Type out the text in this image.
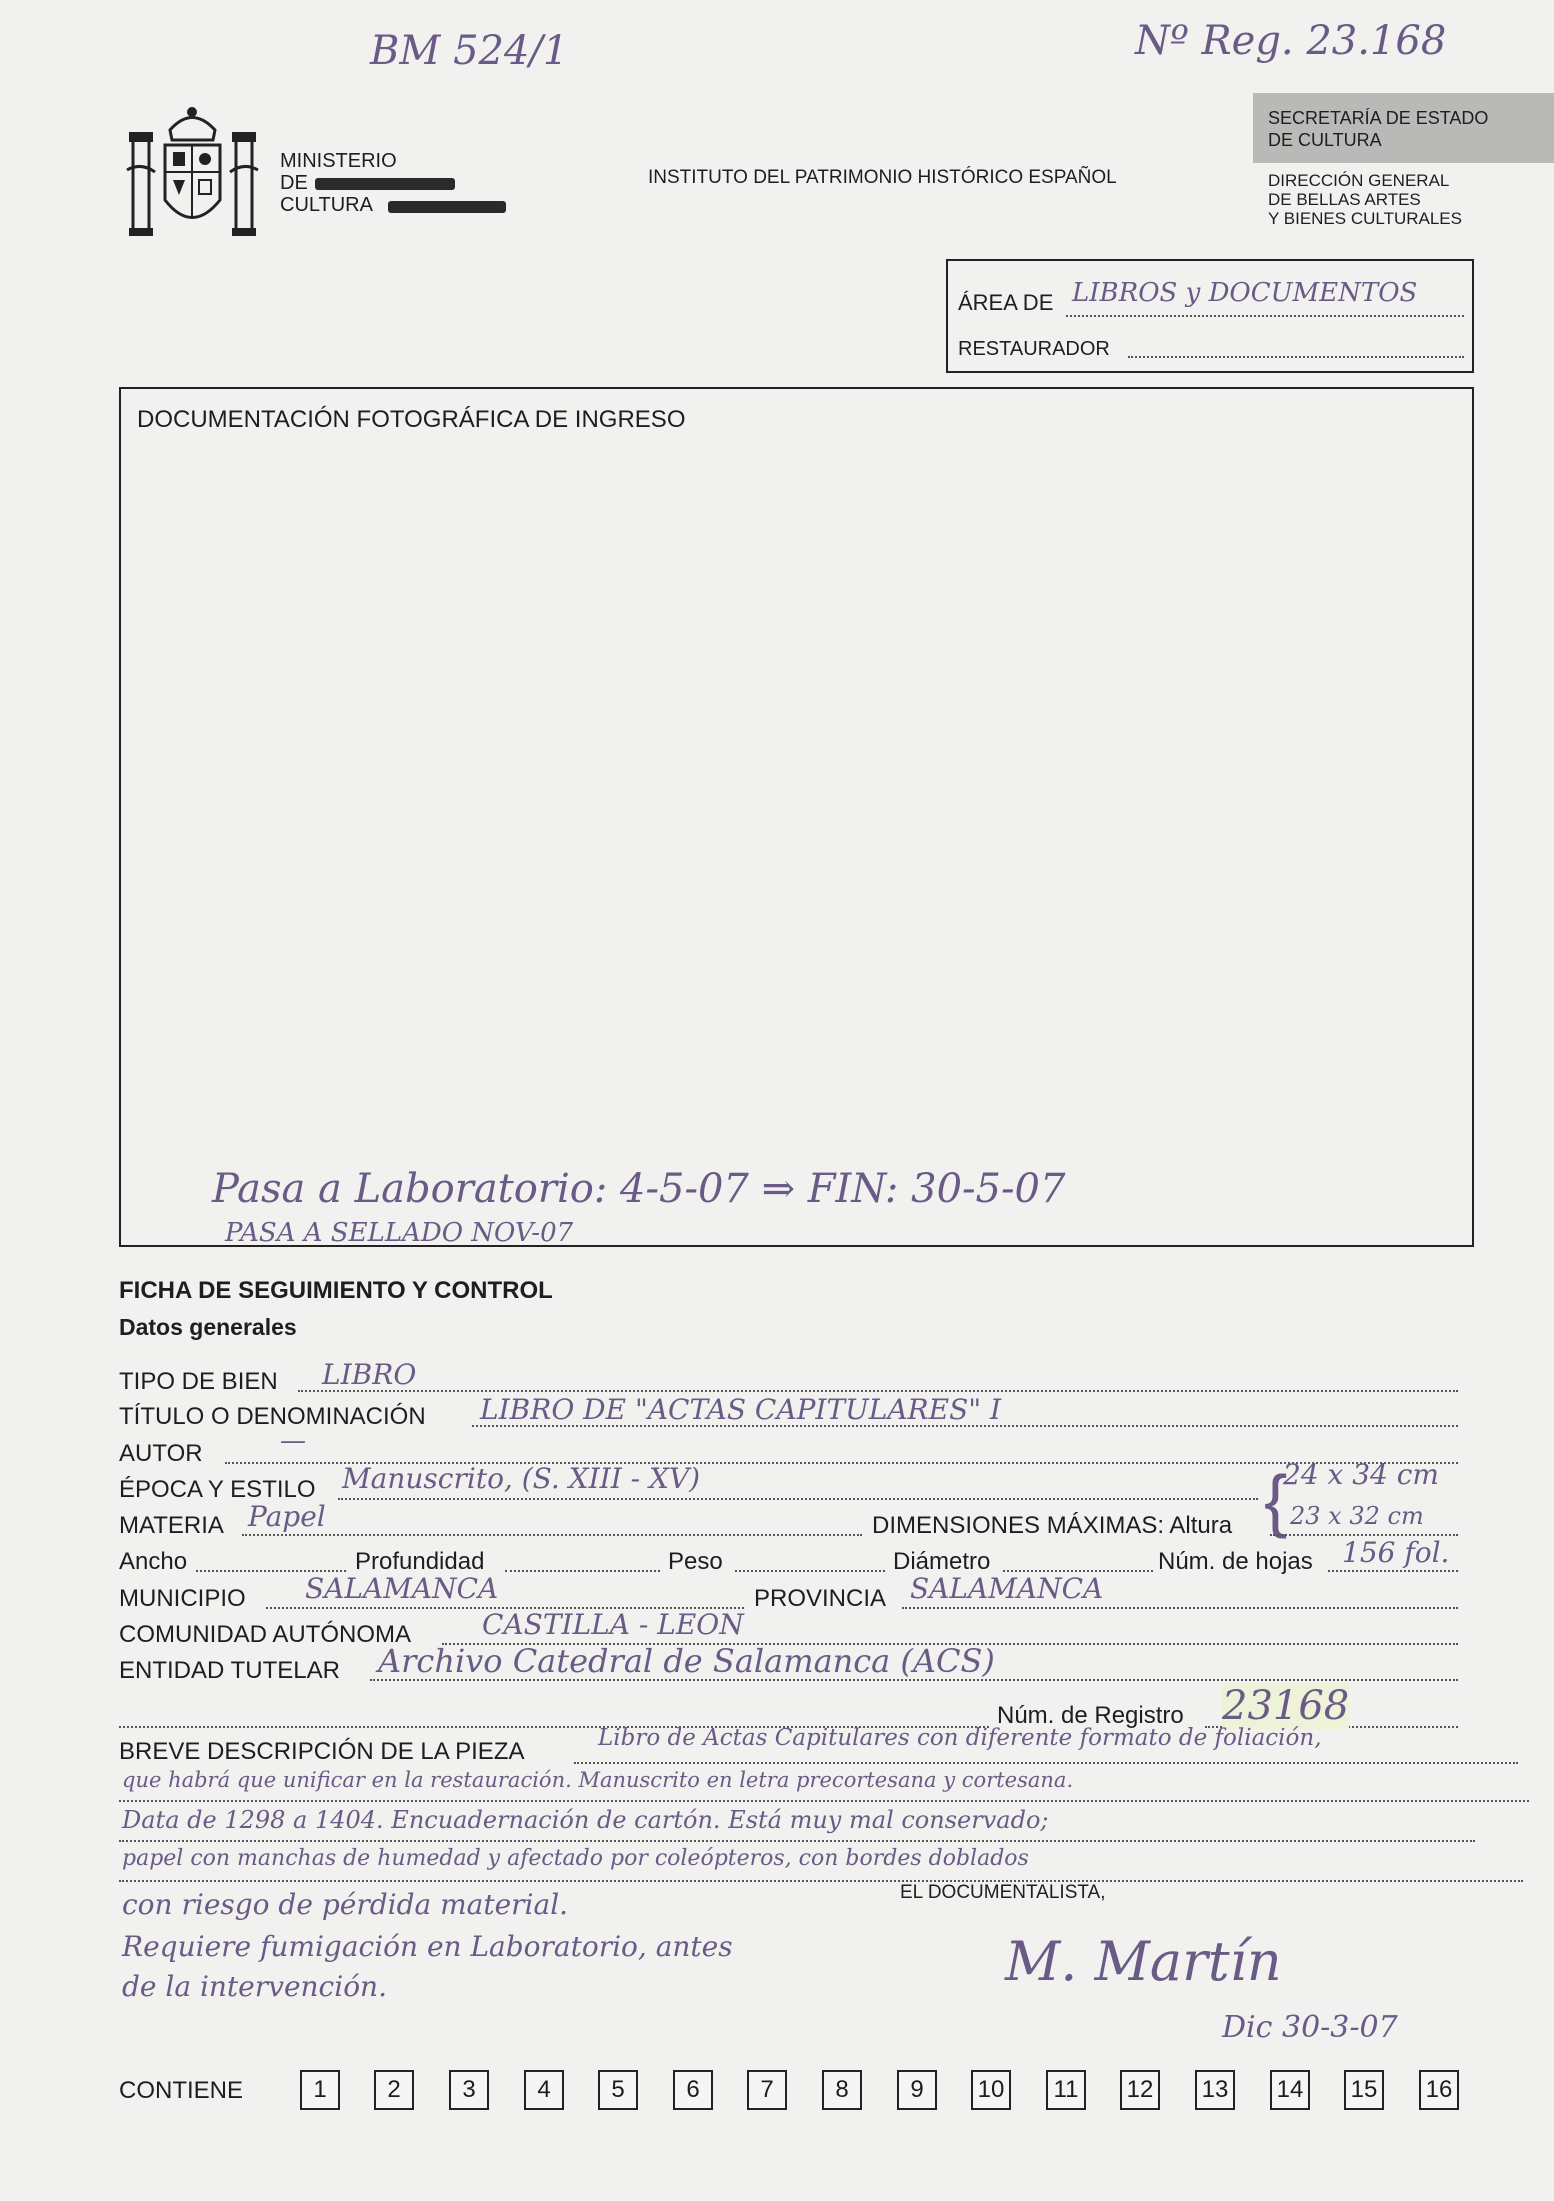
BM 524/1	Nº Reg. 23.168
MINISTERIO
DE
CULTURA
INSTITUTO DEL PATRIMONIO HISTÓRICO ESPAÑOL
SECRETARÍA DE ESTADO
DE CULTURA
DIRECCIÓN GENERAL
DE BELLAS ARTES
Y BIENES CULTURALES
ÁREA DE LIBROS y DOCUMENTOS
RESTAURADOR
DOCUMENTACIÓN FOTOGRÁFICA DE INGRESO
Pasa a Laboratorio: 4-5-07 ⇒ FIN: 30-5-07
PASA A SELLADO NOV-07
FICHA DE SEGUIMIENTO Y CONTROL
Datos generales
TIPO DE BIEN LIBRO
TÍTULO O DENOMINACIÓN LIBRO DE "ACTAS CAPITULARES" I
AUTOR	—
ÉPOCA Y ESTILO Manuscrito, (S. XIII - XV)	24 x 34 cm
MATERIA Papel	DIMENSIONES MÁXIMAS: Altura { 23 x 32 cm
Ancho	Profundidad	Peso	Diámetro	Núm. de hojas 156 fol.
MUNICIPIO SALAMANCA	PROVINCIA SALAMANCA
COMUNIDAD AUTÓNOMA	CASTILLA - LEON
ENTIDAD TUTELAR Archivo Catedral de Salamanca (ACS)
Núm. de Registro 23168
BREVE DESCRIPCIÓN DE LA PIEZA	Libro de Actas Capitulares con diferente formato de foliación,
que habrá que unificar en la restauración. Manuscrito en letra precortesana y cortesana.
Data de 1298 a 1404. Encuadernación de cartón. Está muy mal conservado;
papel con manchas de humedad y afectado por coleópteros, con bordes doblados
con riesgo de pérdida material.
Requiere fumigación en Laboratorio, antes
de la intervención.
EL DOCUMENTALISTA,
M. Martín
Dic 30-3-07
CONTIENE	1	2	3	4	5	6	7	8	9	10	11	12 13 14 15 16
